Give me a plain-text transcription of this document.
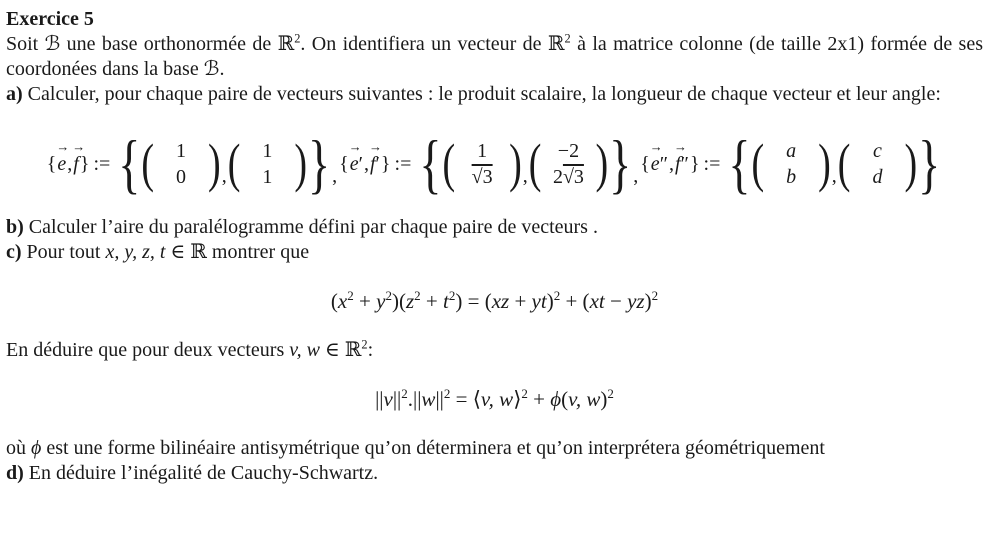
Exercice 5

Soit ℬ une base orthonormée de ℝ$^2$. On identifiera un vecteur de ℝ$^2$ à la matrice colonne (de taille 2x1) formée de ses coordonées dans la base ℬ.

a) Calculer, pour chaque paire de vecteurs suivantes : le produit scalaire, la longueur de chaque vecteur et leur angle:

{
→
e,
→
f} := { ( 1
0 ) , ( 1
1 ) } ,
{
→
e′,
→
f′} := { ( 1
√3 ) , ( −2
2√3 ) } ,
{
→
e″,
→
f″} := { ( a
b ) , ( c
d ) }

b) Calculer l’aire du paralélogramme défini par chaque paire de vecteurs .

c) Pour tout x, y, z, t ∈ ℝ montrer que

$(x^2 + y^2)(z^2 + t^2) = (xz + yt)^2 + (xt - yz)^2$

En déduire que pour deux vecteurs v, w ∈ ℝ$^2$:

$||v||^2.||w||^2$ = ⟨v, w⟩$^2$ + ϕ(v, w)$^2$

où ϕ est une forme bilinéaire antisymétrique qu’on déterminera et qu’on interprétera géométriquement

d) En déduire l’inégalité de Cauchy-Schwartz.
